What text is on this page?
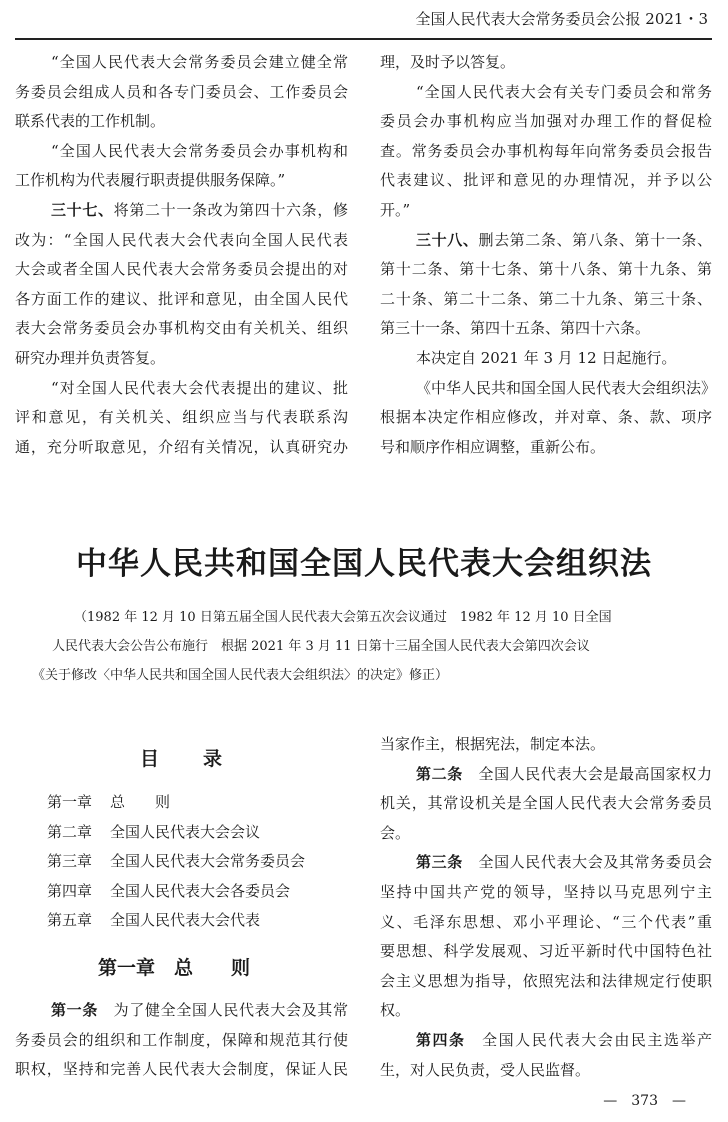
全国人民代表大会常务委员会公报 2021・3
“全国人民代表大会常务委员会建立健全常
务委员会组成人员和各专门委员会、工作委员会
联系代表的工作机制。
“全国人民代表大会常务委员会办事机构和
工作机构为代表履行职责提供服务保障。”
三十七、将第二十一条改为第四十六条，修
改为：“全国人民代表大会代表向全国人民代表
大会或者全国人民代表大会常务委员会提出的对
各方面工作的建议、批评和意见，由全国人民代
表大会常务委员会办事机构交由有关机关、组织
研究办理并负责答复。
“对全国人民代表大会代表提出的建议、批
评和意见，有关机关、组织应当与代表联系沟
通，充分听取意见，介绍有关情况，认真研究办
理，及时予以答复。
“全国人民代表大会有关专门委员会和常务
委员会办事机构应当加强对办理工作的督促检
查。常务委员会办事机构每年向常务委员会报告
代表建议、批评和意见的办理情况，并予以公
开。”
三十八、删去第二条、第八条、第十一条、
第十二条、第十七条、第十八条、第十九条、第
二十条、第二十二条、第二十九条、第三十条、
第三十一条、第四十五条、第四十六条。
本决定自 2021 年 3 月 12 日起施行。
《中华人民共和国全国人民代表大会组织法》
根据本决定作相应修改，并对章、条、款、项序
号和顺序作相应调整，重新公布。
中华人民共和国全国人民代表大会组织法
（1982 年 12 月 10 日第五届全国人民代表大会第五次会议通过　1982 年 12 月 10 日全国
人民代表大会公告公布施行　根据 2021 年 3 月 11 日第十三届全国人民代表大会第四次会议
《关于修改〈中华人民共和国全国人民代表大会组织法〉的决定》修正）
目 录
第一章 总　　则
第二章 全国人民代表大会会议
第三章 全国人民代表大会常务委员会
第四章 全国人民代表大会各委员会
第五章 全国人民代表大会代表
第一章　总　　则
第一条　为了健全全国人民代表大会及其常
务委员会的组织和工作制度，保障和规范其行使
职权，坚持和完善人民代表大会制度，保证人民
当家作主，根据宪法，制定本法。
第二条　全国人民代表大会是最高国家权力
机关，其常设机关是全国人民代表大会常务委员
会。
第三条　全国人民代表大会及其常务委员会
坚持中国共产党的领导，坚持以马克思列宁主
义、毛泽东思想、邓小平理论、“三个代表”重
要思想、科学发展观、习近平新时代中国特色社
会主义思想为指导，依照宪法和法律规定行使职
权。
第四条　全国人民代表大会由民主选举产
生，对人民负责，受人民监督。
—　373　—
